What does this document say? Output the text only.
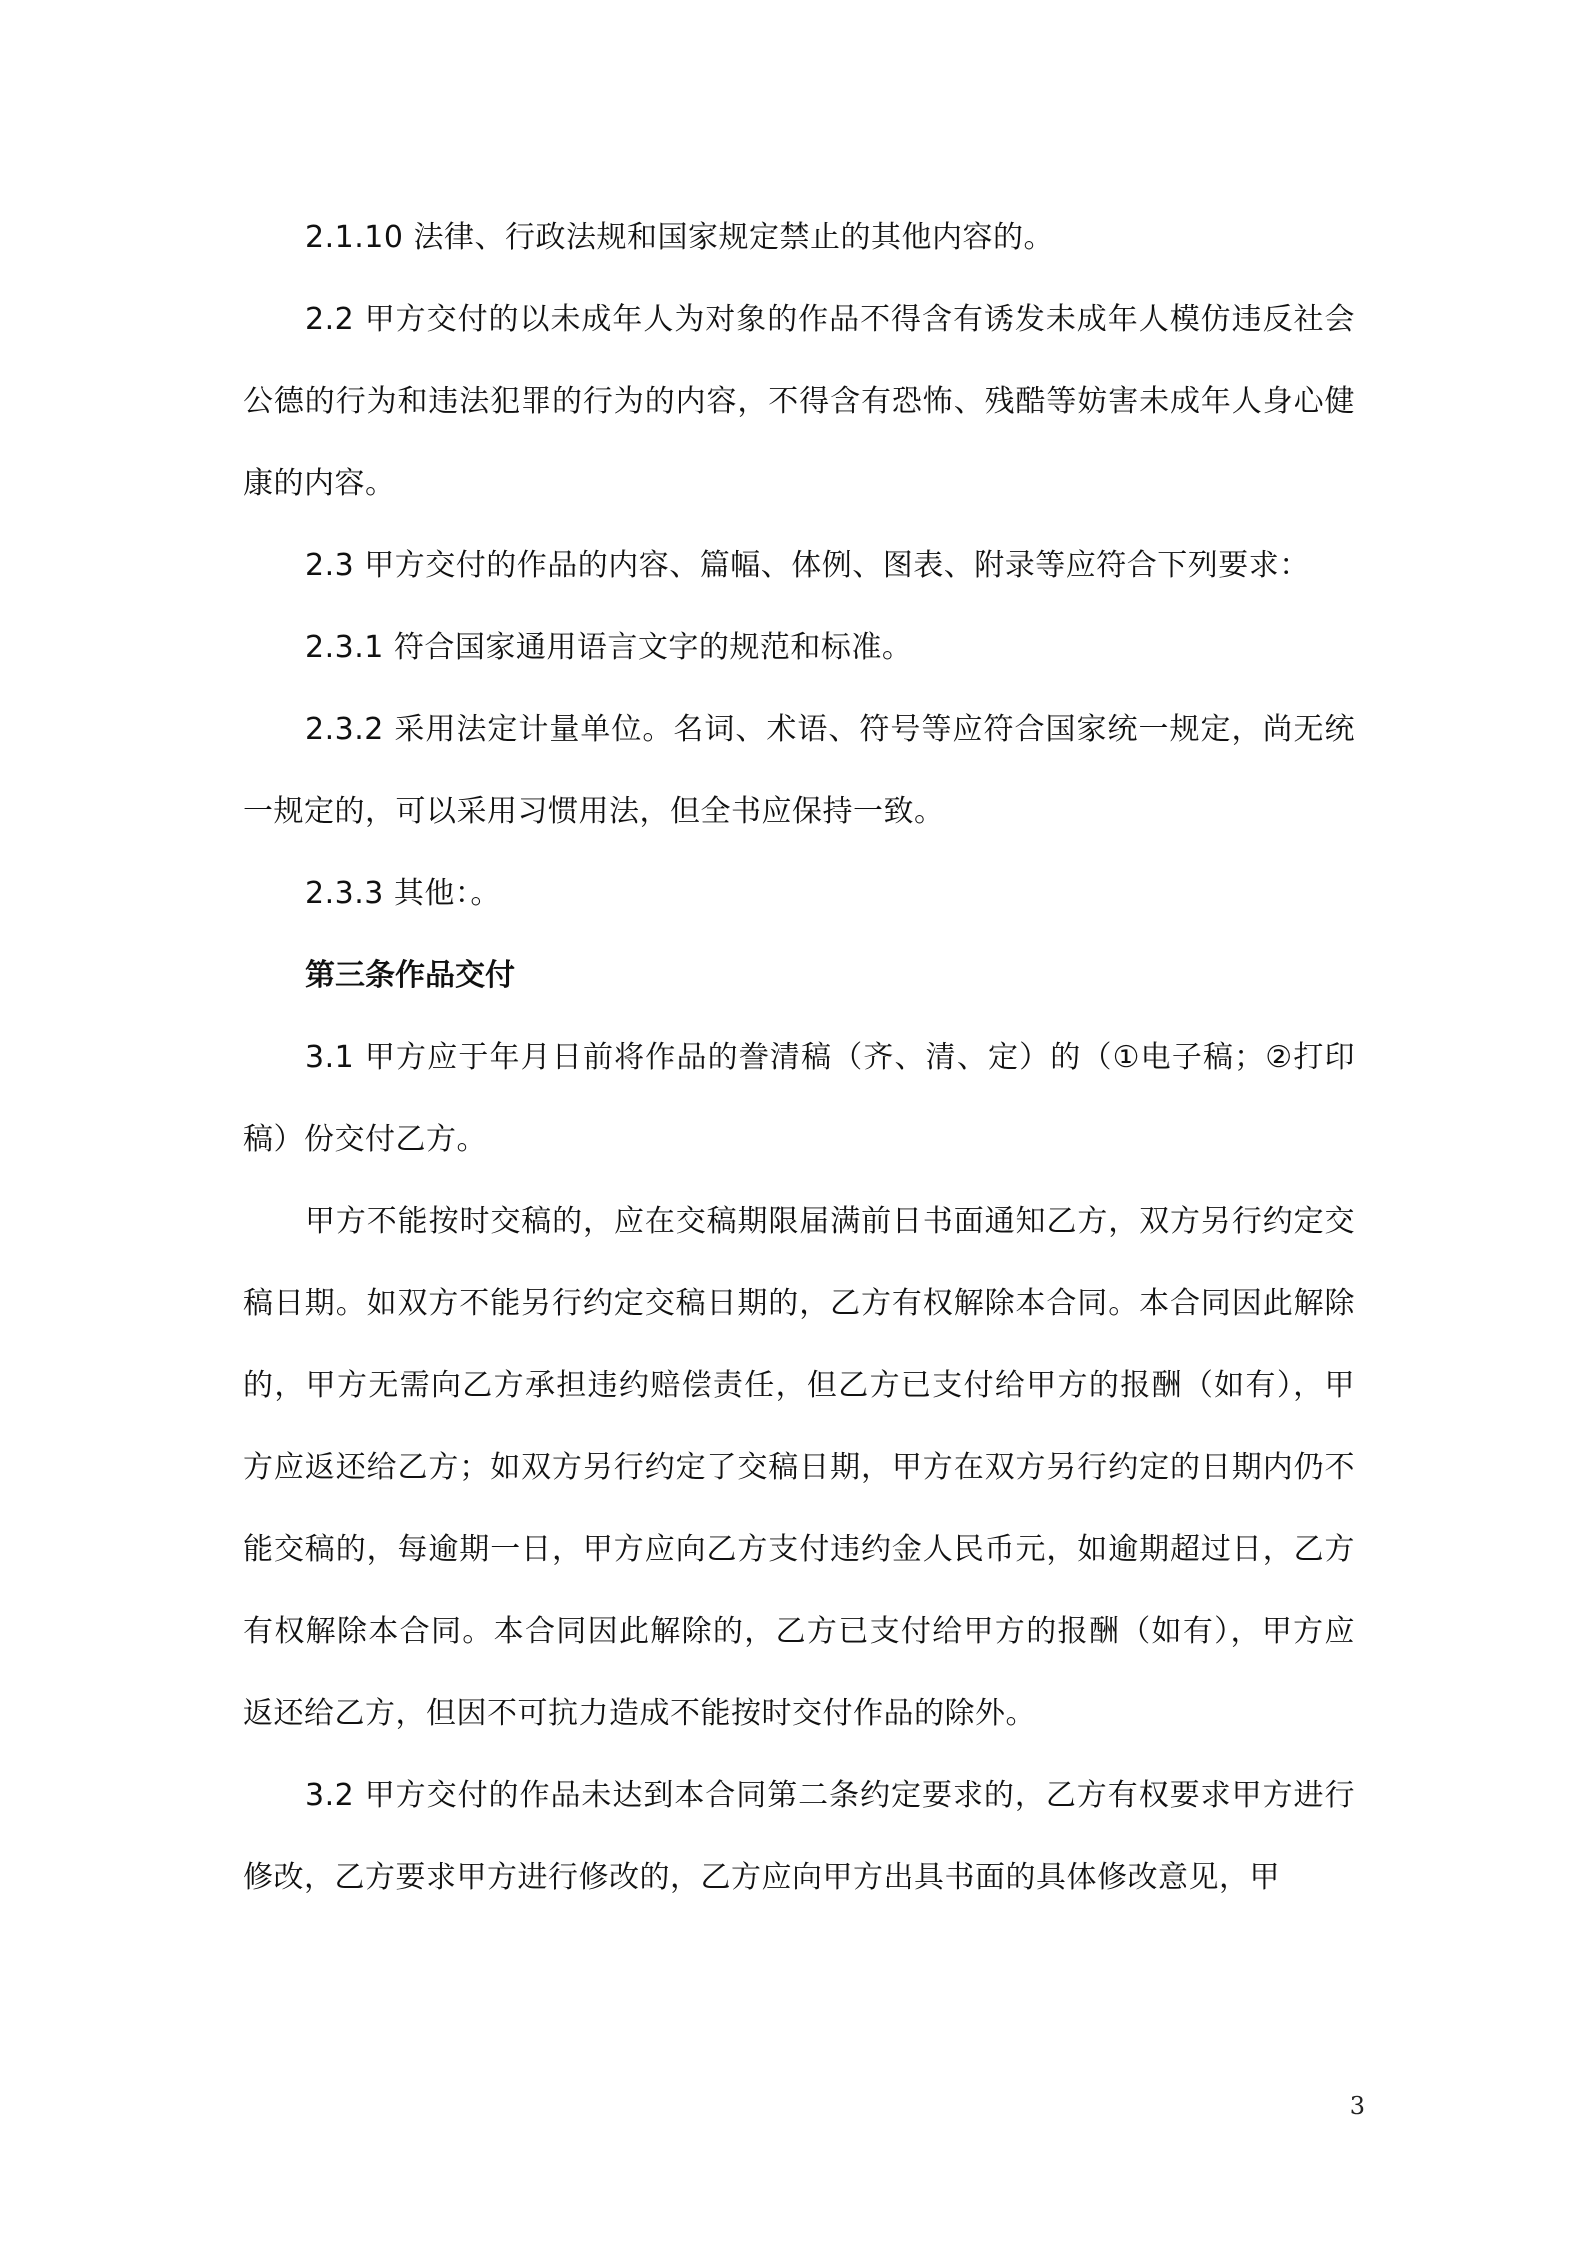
2.1.10 法律、行政法规和国家规定禁止的其他内容的。

2.2 甲方交付的以未成年人为对象的作品不得含有诱发未成年人模仿违反社会公德的行为和违法犯罪的行为的内容，不得含有恐怖、残酷等妨害未成年人身心健康的内容。

2.3 甲方交付的作品的内容、篇幅、体例、图表、附录等应符合下列要求：

2.3.1 符合国家通用语言文字的规范和标准。

2.3.2 采用法定计量单位。名词、术语、符号等应符合国家统一规定，尚无统一规定的，可以采用习惯用法，但全书应保持一致。

2.3.3 其他：。

第三条作品交付

3.1 甲方应于年月日前将作品的誊清稿（齐、清、定）的（①电子稿；②打印稿）份交付乙方。

甲方不能按时交稿的，应在交稿期限届满前日书面通知乙方，双方另行约定交稿日期。如双方不能另行约定交稿日期的，乙方有权解除本合同。本合同因此解除的，甲方无需向乙方承担违约赔偿责任，但乙方已支付给甲方的报酬（如有），甲方应返还给乙方；如双方另行约定了交稿日期，甲方在双方另行约定的日期内仍不能交稿的，每逾期一日，甲方应向乙方支付违约金人民币元，如逾期超过日，乙方有权解除本合同。本合同因此解除的，乙方已支付给甲方的报酬（如有），甲方应返还给乙方，但因不可抗力造成不能按时交付作品的除外。

3.2 甲方交付的作品未达到本合同第二条约定要求的，乙方有权要求甲方进行修改，乙方要求甲方进行修改的，乙方应向甲方出具书面的具体修改意见，甲

3
